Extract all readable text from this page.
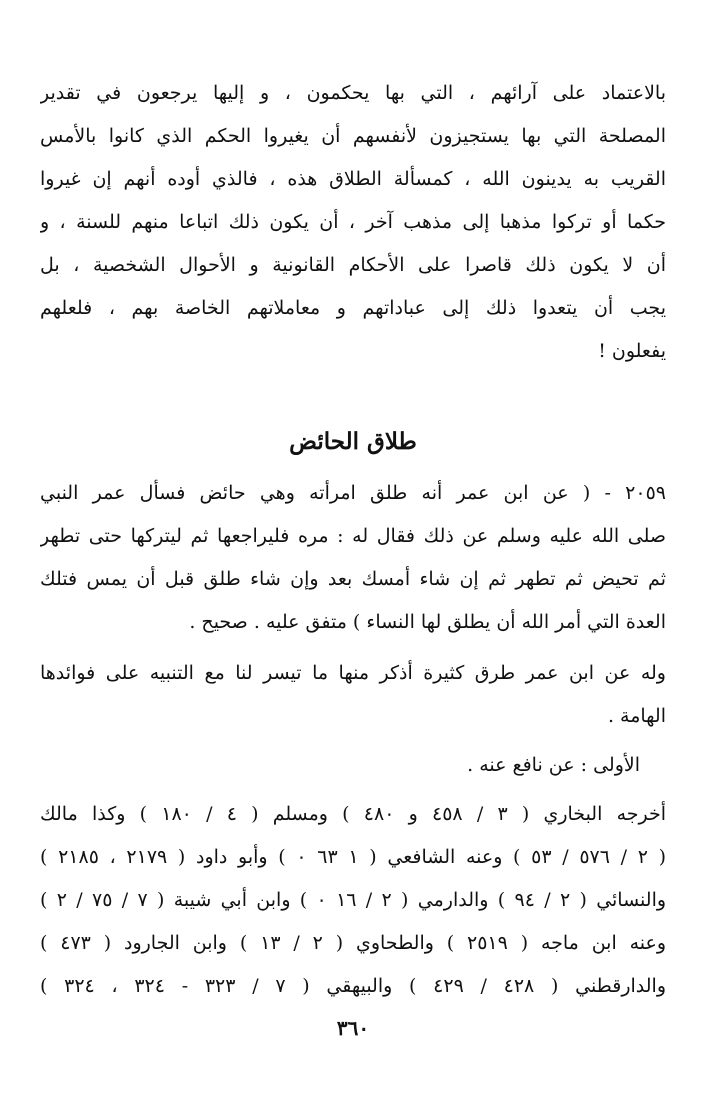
بالاعتماد على آرائهم ، التي بها يحكمون ، و إليها يرجعون في تقدير
المصلحة التي بها يستجيزون لأنفسهم أن يغيروا الحكم الذي كانوا بالأمس
القريب به يدينون الله ، كمسألة الطلاق هذه ، فالذي أوده أنهم إن غيروا
حكما أو تركوا مذهبا إلى مذهب آخر ، أن يكون ذلك اتباعا منهم للسنة ، و
أن لا يكون ذلك قاصرا على الأحكام القانونية و الأحوال الشخصية ، بل
يجب أن يتعدوا ذلك إلى عباداتهم و معاملاتهم الخاصة بهم ، فلعلهم
يفعلون !
طلاق الحائض
٢٠٥٩ - ( عن ابن عمر أنه طلق امرأته وهي حائض فسأل عمر النبي
صلى الله عليه وسلم عن ذلك فقال له : مره فليراجعها ثم ليتركها حتى تطهر
ثم تحيض ثم تطهر ثم إن شاء أمسك بعد وإن شاء طلق قبل أن يمس فتلك
العدة التي أمر الله أن يطلق لها النساء ) متفق عليه . صحيح .
وله عن ابن عمر طرق كثيرة أذكر منها ما تيسر لنا مع التنبيه على فوائدها
الهامة .
الأولى : عن نافع عنه .
أخرجه البخاري ( ٣ / ٤٥٨ و ٤٨٠ ) ومسلم ( ٤ / ١٨٠ ) وكذا مالك
( ٢ / ٥٧٦ / ٥٣ ) وعنه الشافعي ( ١ ٦٣ ٠ ) وأبو داود ( ٢١٧٩ ، ٢١٨٥ )
والنسائي ( ٢ / ٩٤ ) والدارمي ( ٢ / ١٦ ٠ ) وابن أبي شيبة ( ٧ / ٧٥ / ٢ )
وعنه ابن ماجه ( ٢٥١٩ ) والطحاوي ( ٢ / ١٣ ) وابن الجارود ( ٤٧٣ )
والدارقطني ( ٤٢٨ / ٤٢٩ ) والبيهقي ( ٧ / ٣٢٣ - ٣٢٤ ، ٣٢٤ )
٣٦٠
